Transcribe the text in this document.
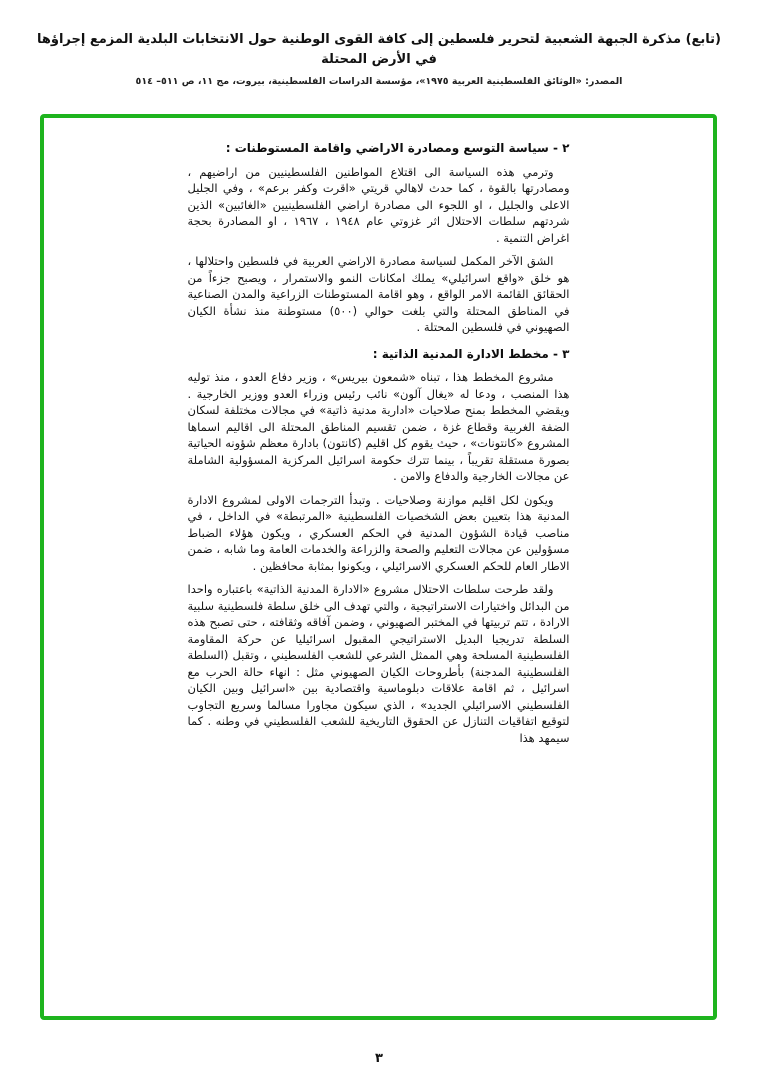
(تابع) مذكرة الجبهة الشعبية لتحرير فلسطين إلى كافة القوى الوطنية حول الانتخابات البلدية المزمع إجراؤها في الأرض المحتلة
المصدر: «الوثائق الفلسطينية العربية ١٩٧٥»، مؤسسة الدراسات الفلسطينية، بيروت، مج ١١، ص ٥١١– ٥١٤
٢ - سياسة التوسع ومصادرة الاراضي واقامة المستوطنات :

وترمي هذه السياسة الى اقتلاع المواطنين الفلسطينيين من اراضيهم ، ومصادرتها بالقوة ، كما حدث لاهالي قريتي «اقرت وكفر برعم» ، وفي الجليل الاعلى والجليل ، او اللجوء الى مصادرة اراضي الفلسطينيين «الغائبين» الذين شردتهم سلطات الاحتلال اثر غزوتي عام ١٩٤٨ ، ١٩٦٧ ، او المصادرة بحجة اغراض التنمية .

الشق الآخر المكمل لسياسة مصادرة الاراضي العربية في فلسطين واحتلالها ، هو خلق «واقع اسرائيلي» يملك امكانات النمو والاستمرار ، ويصبح جزءاً من الحقائق القائمة الامر الواقع ، وهو اقامة المستوطنات الزراعية والمدن الصناعية في المناطق المحتلة والتي بلغت حوالي (٥٠٠) مستوطنة منذ نشأة الكيان الصهيوني في فلسطين المحتلة .

٣ - مخطط الادارة المدنية الذاتية :

مشروع المخطط هذا ، تبناه «شمعون بيريس» ، وزير دفاع العدو ، منذ توليه هذا المنصب ، ودعا له «يغال آلون» نائب رئيس وزراء العدو ووزير الخارجية . ويقضي المخطط بمنح صلاحيات «ادارية مدنية ذاتية» في مجالات مختلفة لسكان الضفة الغربية وقطاع غزة ، ضمن تقسيم المناطق المحتلة الى اقاليم اسماها المشروع «كانتونات» ، حيث يقوم كل اقليم (كانتون) بادارة معظم شؤونه الحياتية بصورة مستقلة تقريباً ، بينما تترك حكومة اسرائيل المركزية المسؤولية الشاملة عن مجالات الخارجية والدفاع والامن .

ويكون لكل اقليم موازنة وصلاحيات . وتبدأ الترجمات الاولى لمشروع الادارة المدنية هذا بتعيين بعض الشخصيات الفلسطينية «المرتبطة» في الداخل ، في مناصب قيادة الشؤون المدنية في الحكم العسكري ، ويكون هؤلاء الضباط مسؤولين عن مجالات التعليم والصحة والزراعة والخدمات العامة وما شابه ، ضمن الاطار العام للحكم العسكري الاسرائيلي ، ويكونوا بمثابة محافظين .

ولقد طرحت سلطات الاحتلال مشروع «الادارة المدنية الذاتية» باعتباره واحدا من البدائل واختيارات الاستراتيجية ، والتي تهدف الى خلق سلطة فلسطينية سلبية الارادة ، تتم تربيتها في المختبر الصهيوني ، وضمن آفاقه وثقافته ، حتى تصبح هذه السلطة تدريجيا البديل الاستراتيجي المقبول اسرائيليا عن حركة المقاومة الفلسطينية المسلحة وهي الممثل الشرعي للشعب الفلسطيني ، وتقبل (السلطة الفلسطينية المدجنة) بأطروحات الكيان الصهيوني مثل : انهاء حالة الحرب مع اسرائيل ، ثم اقامة علاقات دبلوماسية واقتصادية بين «اسرائيل وبين الكيان الفلسطيني الاسرائيلي الجديد» ، الذي سيكون مجاورا مسالما وسريع التجاوب لتوقيع اتفاقيات التنازل عن الحقوق التاريخية للشعب الفلسطيني في وطنه . كما سيمهد هذا

٣
